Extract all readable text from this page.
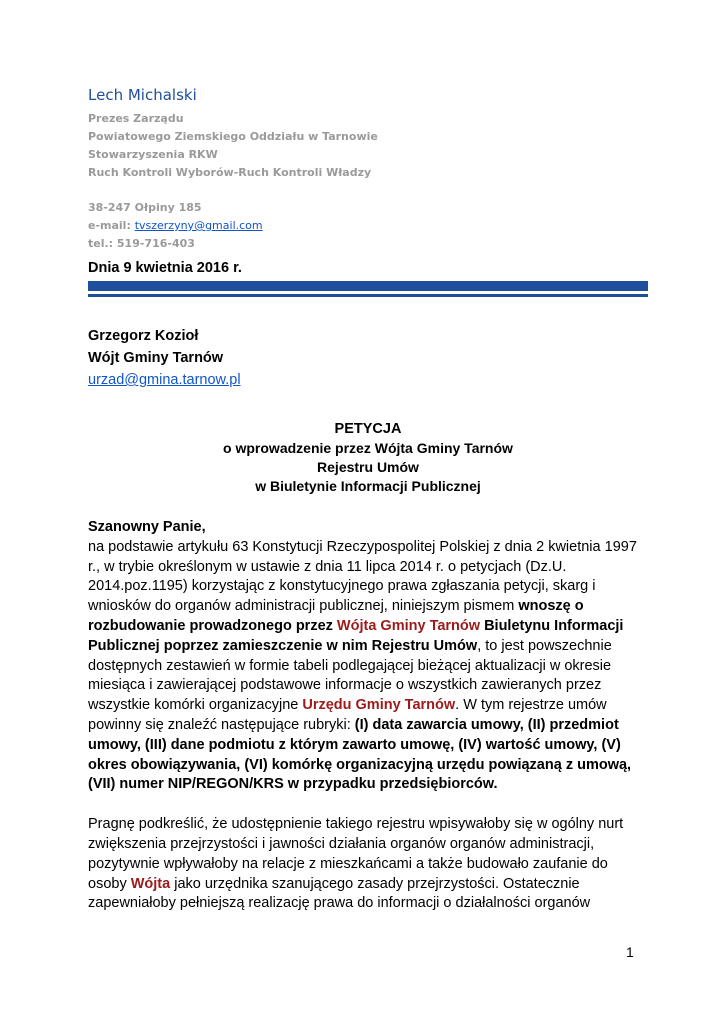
Lech Michalski
Prezes Zarządu
Powiatowego Ziemskiego Oddziału w Tarnowie
Stowarzyszenia RKW
Ruch Kontroli Wyborów-Ruch Kontroli Władzy
38-247 Ołpiny 185
e-mail: tvszerzyny@gmail.com
tel.: 519-716-403
Dnia 9 kwietnia 2016 r.
Grzegorz Kozioł
Wójt Gminy Tarnów
urzad@gmina.tarnow.pl
PETYCJA
o wprowadzenie przez Wójta Gminy Tarnów
Rejestru Umów
w Biuletynie Informacji Publicznej

Szanowny Panie,

na podstawie artykułu 63 Konstytucji Rzeczypospolitej Polskiej z dnia 2 kwietnia 1997 r., w trybie określonym w ustawie z dnia 11 lipca 2014 r. o petycjach (Dz.U. 2014.poz.1195) korzystając z konstytucyjnego prawa zgłaszania petycji, skarg i wniosków do organów administracji publicznej, niniejszym pismem wnoszę o rozbudowanie prowadzonego przez Wójta Gminy Tarnów Biuletynu Informacji Publicznej poprzez zamieszczenie w nim Rejestru Umów, to jest powszechnie dostępnych zestawień w formie tabeli podlegającej bieżącej aktualizacji w okresie miesiąca i zawierającej podstawowe informacje o wszystkich zawieranych przez wszystkie komórki organizacyjne Urzędu Gminy Tarnów. W tym rejestrze umów powinny się znaleźć następujące rubryki: (I) data zawarcia umowy, (II) przedmiot umowy, (III) dane podmiotu z którym zawarto umowę, (IV) wartość umowy, (V) okres obowiązywania, (VI) komórkę organizacyjną urzędu powiązaną z umową, (VII) numer NIP/REGON/KRS w przypadku przedsiębiorców.

Pragnę podkreślić, że udostępnienie takiego rejestru wpisywałoby się w ogólny nurt zwiększenia przejrzystości i jawności działania organów organów administracji, pozytywnie wpływałoby na relacje z mieszkańcami a także budowało zaufanie do osoby Wójta jako urzędnika szanującego zasady przejrzystości. Ostatecznie zapewniałoby pełniejszą realizację prawa do informacji o działalności organów

1
